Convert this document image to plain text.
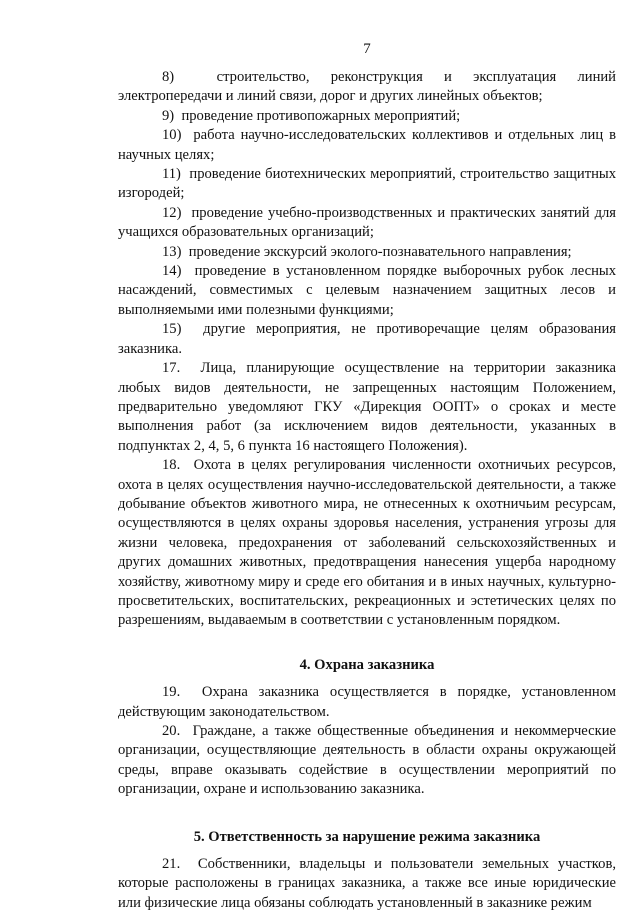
7

8)  строительство, реконструкция и эксплуатация линий электропередачи и линий связи, дорог и других линейных объектов;

9)  проведение противопожарных мероприятий;

10)  работа научно-исследовательских коллективов и отдельных лиц в научных целях;

11)  проведение биотехнических мероприятий, строительство защитных изгородей;

12)  проведение учебно-производственных и практических занятий для учащихся образовательных организаций;

13)  проведение экскурсий эколого-познавательного направления;

14)  проведение в установленном порядке выборочных рубок лесных насаждений, совместимых с целевым назначением защитных лесов и выполняемыми ими полезными функциями;

15)  другие мероприятия, не противоречащие целям образования заказника.

17.  Лица, планирующие осуществление на территории заказника любых видов деятельности, не запрещенных настоящим Положением, предварительно уведомляют ГКУ «Дирекция ООПТ» о сроках и месте выполнения работ (за исключением видов деятельности, указанных в подпунктах 2, 4, 5, 6 пункта 16 настоящего Положения).

18.  Охота в целях регулирования численности охотничьих ресурсов, охота в целях осуществления научно-исследовательской деятельности, а также добывание объектов животного мира, не отнесенных к охотничьим ресурсам, осуществляются в целях охраны здоровья населения, устранения угрозы для жизни человека, предохранения от заболеваний сельскохозяйственных и других домашних животных, предотвращения нанесения ущерба народному хозяйству, животному миру и среде его обитания и в иных научных, культурно-просветительских, воспитательских, рекреационных и эстетических целях по разрешениям, выдаваемым в соответствии с установленным порядком.

4. Охрана заказника

19.  Охрана заказника осуществляется в порядке, установленном действующим законодательством.

20.  Граждане, а также общественные объединения и некоммерческие организации, осуществляющие деятельность в области охраны окружающей среды, вправе оказывать содействие в осуществлении мероприятий по организации, охране и использованию заказника.

5. Ответственность за нарушение режима заказника

21.  Собственники, владельцы и пользователи земельных участков, которые расположены в границах заказника, а также все иные юридические или физические лица обязаны соблюдать установленный в заказнике режим
